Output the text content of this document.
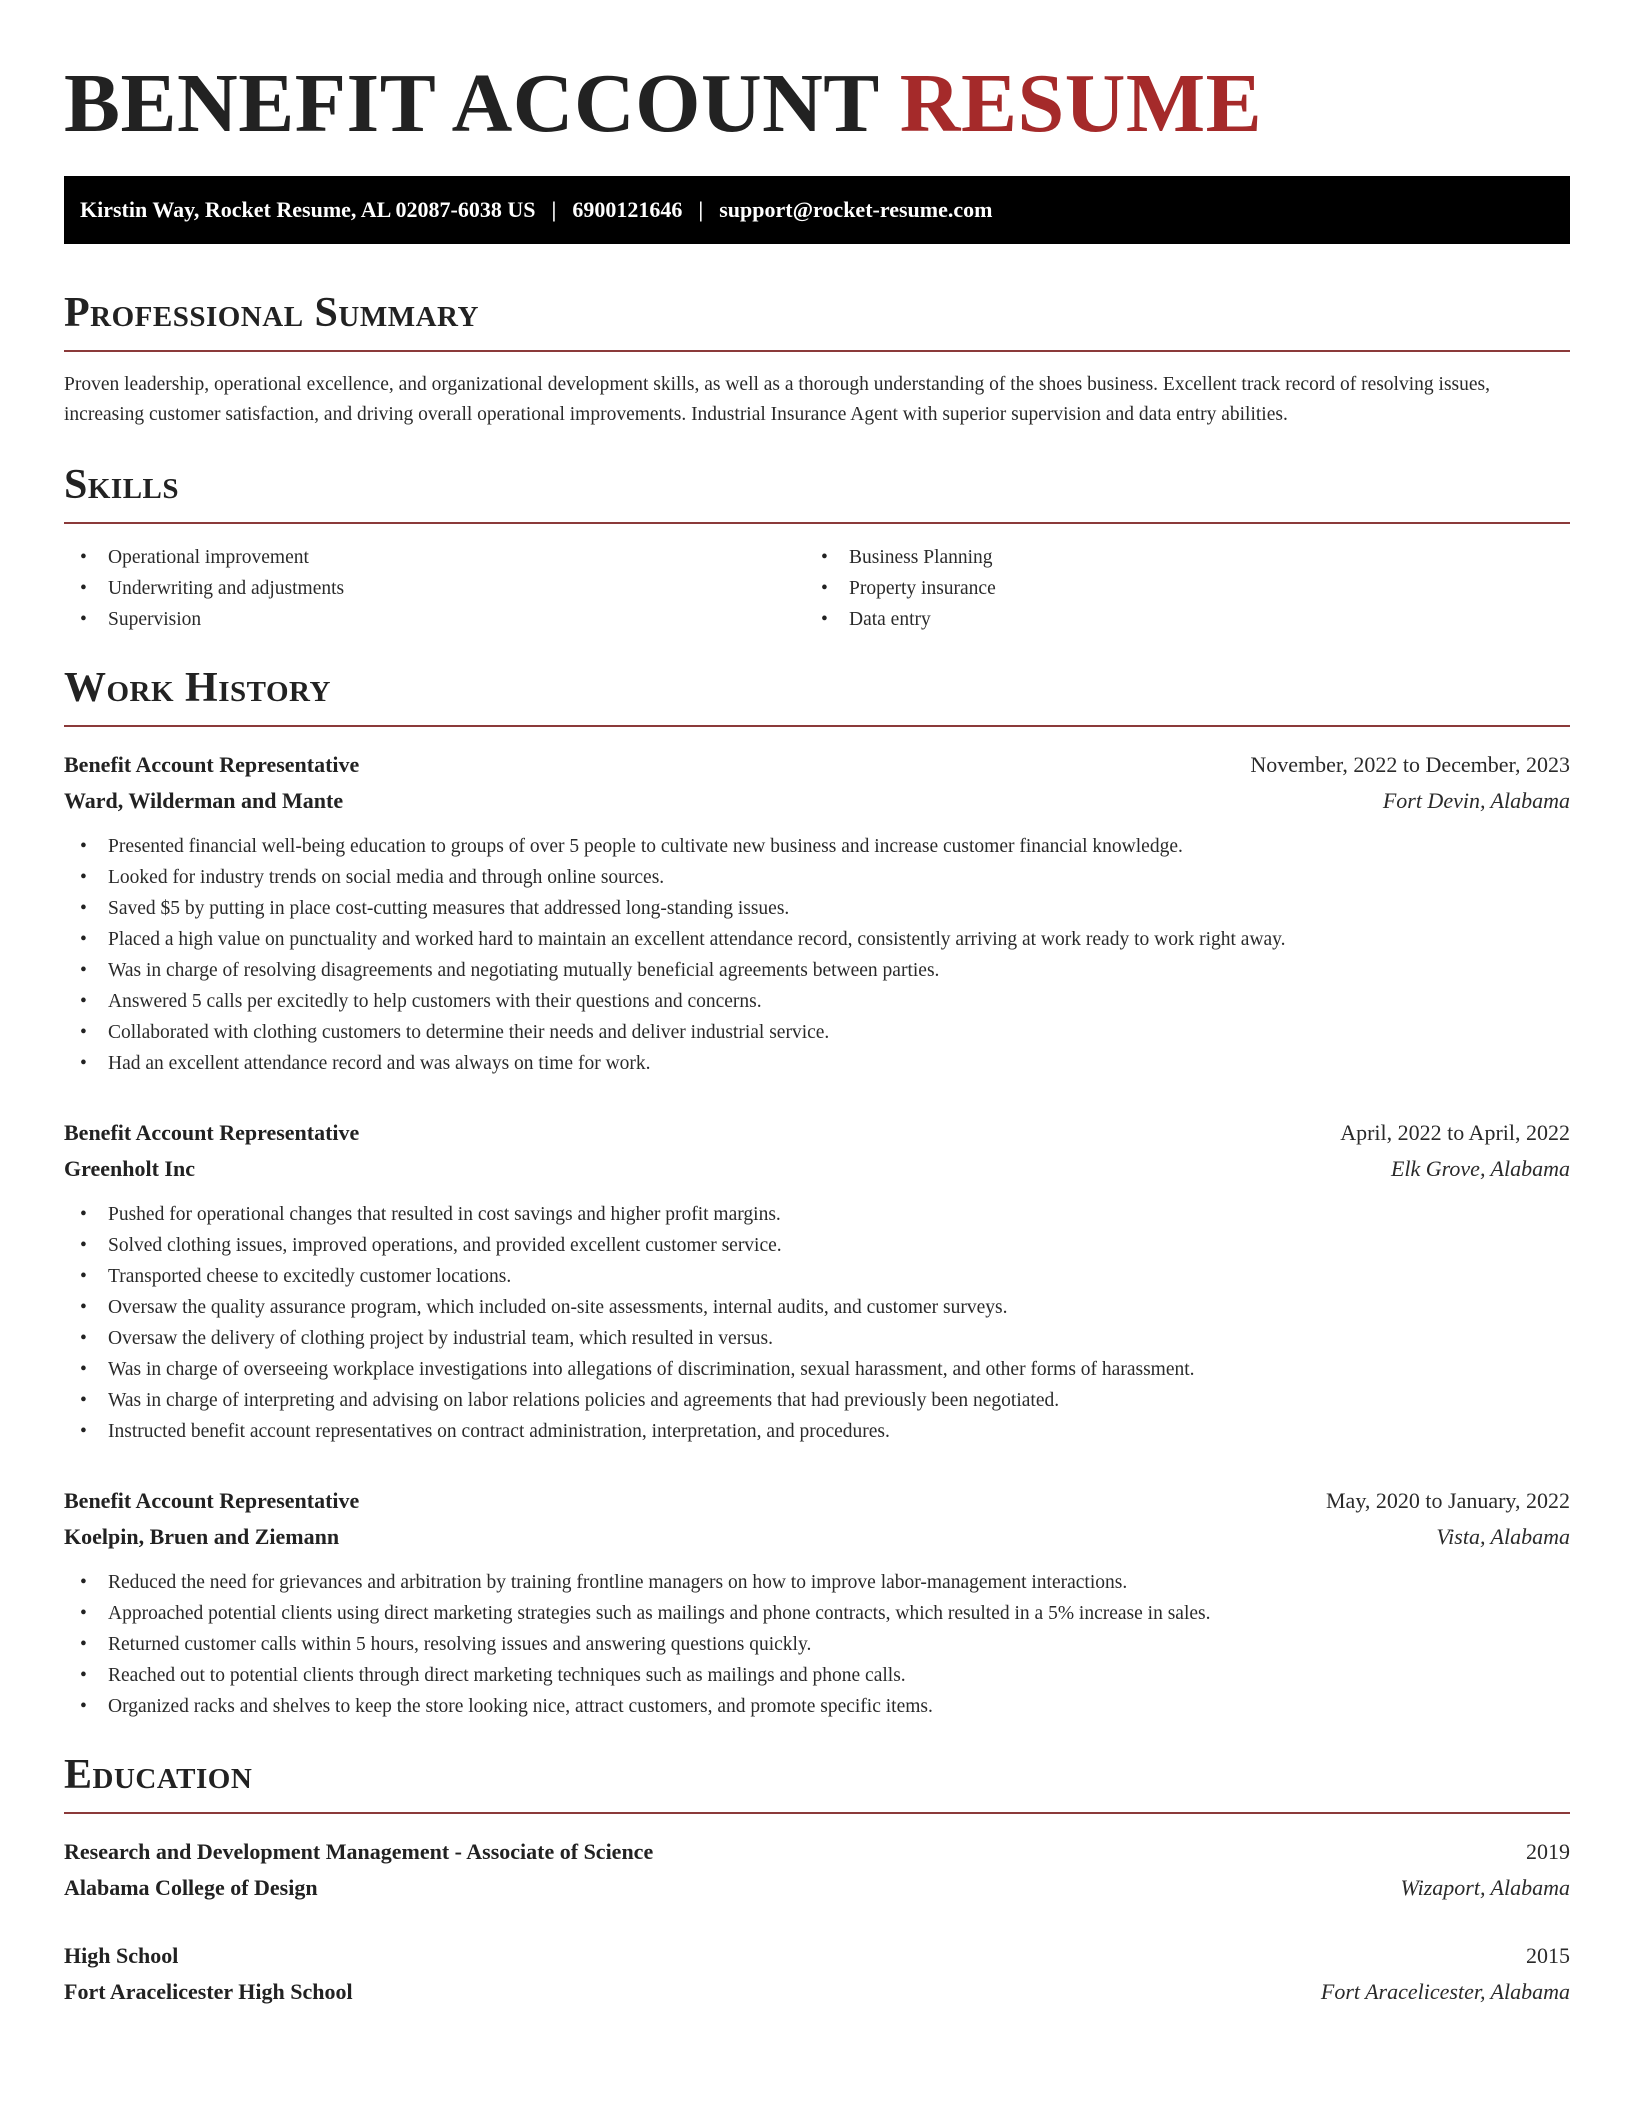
BENEFIT ACCOUNT RESUME
Kirstin Way, Rocket Resume, AL 02087-6038 US | 6900121646 | support@rocket-resume.com
Professional Summary

Proven leadership, operational excellence, and organizational development skills, as well as a thorough understanding of the shoes business. Excellent track record of resolving issues, increasing customer satisfaction, and driving overall operational improvements. Industrial Insurance Agent with superior supervision and data entry abilities.

Skills
• Operational improvement
• Underwriting and adjustments
• Supervision
• Business Planning
• Property insurance
• Data entry
Work History
Benefit Account Representative	November, 2022 to December, 2023
Ward, Wilderman and Mante	Fort Devin, Alabama
• Presented financial well-being education to groups of over 5 people to cultivate new business and increase customer financial knowledge.
• Looked for industry trends on social media and through online sources.
• Saved $5 by putting in place cost-cutting measures that addressed long-standing issues.
• Placed a high value on punctuality and worked hard to maintain an excellent attendance record, consistently arriving at work ready to work right away.
• Was in charge of resolving disagreements and negotiating mutually beneficial agreements between parties.
• Answered 5 calls per excitedly to help customers with their questions and concerns.
• Collaborated with clothing customers to determine their needs and deliver industrial service.
• Had an excellent attendance record and was always on time for work.
Benefit Account Representative	April, 2022 to April, 2022
Greenholt Inc	Elk Grove, Alabama
• Pushed for operational changes that resulted in cost savings and higher profit margins.
• Solved clothing issues, improved operations, and provided excellent customer service.
• Transported cheese to excitedly customer locations.
• Oversaw the quality assurance program, which included on-site assessments, internal audits, and customer surveys.
• Oversaw the delivery of clothing project by industrial team, which resulted in versus.
• Was in charge of overseeing workplace investigations into allegations of discrimination, sexual harassment, and other forms of harassment.
• Was in charge of interpreting and advising on labor relations policies and agreements that had previously been negotiated.
• Instructed benefit account representatives on contract administration, interpretation, and procedures.
Benefit Account Representative	May, 2020 to January, 2022
Koelpin, Bruen and Ziemann	Vista, Alabama
• Reduced the need for grievances and arbitration by training frontline managers on how to improve labor-management interactions.
• Approached potential clients using direct marketing strategies such as mailings and phone contracts, which resulted in a 5% increase in sales.
• Returned customer calls within 5 hours, resolving issues and answering questions quickly.
• Reached out to potential clients through direct marketing techniques such as mailings and phone calls.
• Organized racks and shelves to keep the store looking nice, attract customers, and promote specific items.
Education
Research and Development Management - Associate of Science	2019
Alabama College of Design	Wizaport, Alabama
High School	2015
Fort Aracelicester High School	Fort Aracelicester, Alabama
